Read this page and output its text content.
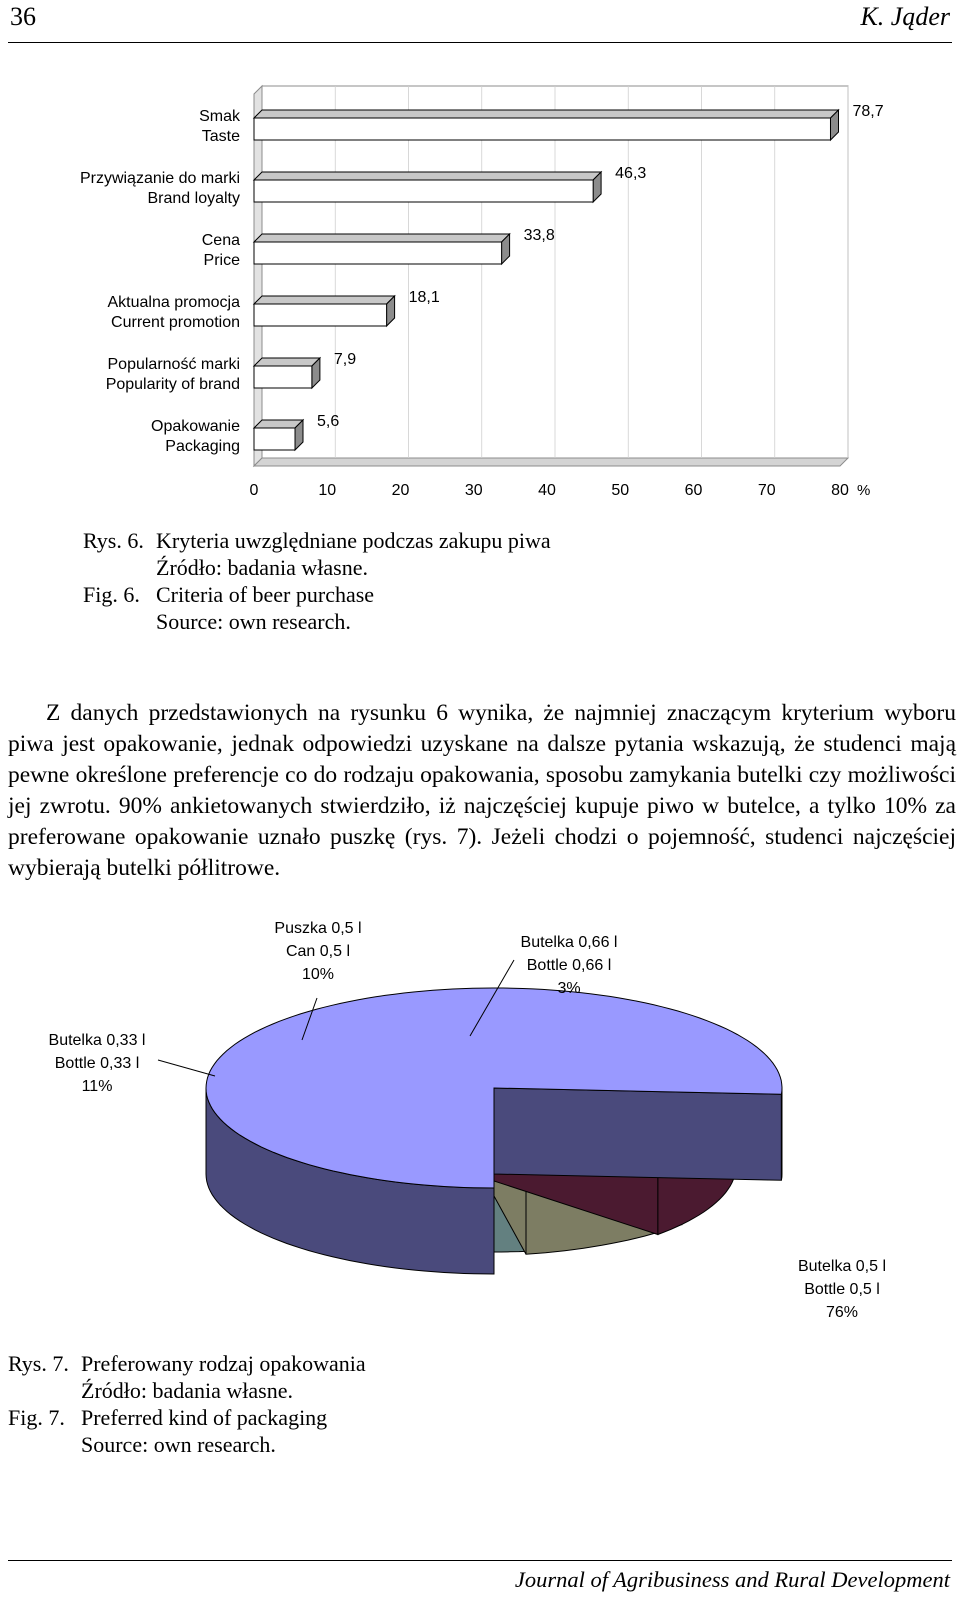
36	K. Jąder
Smak Taste
Przywiązanie do marki Brand loyalty
Cena Price
Aktualna promocja Current promotion
Popularność marki Popularity of brand
Opakowanie Packaging
78,7
46,3
33,8
18,1
7,9
5,6
0	10	20	30	40	50	60	70	80 %
Rys. 6. Kryteria uwzględniane podczas zakupu piwa
Źródło: badania własne.
Fig. 6. Criteria of beer purchase
Source: own research.

Z danych przedstawionych na rysunku 6 wynika, że najmniej znaczącym kryterium wyboru piwa jest opakowanie, jednak odpowiedzi uzyskane na dalsze pytania wskazują, że studenci mają pewne określone preferencje co do rodzaju opakowania, sposobu zamykania butelki czy możliwości jej zwrotu. 90% ankietowanych stwierdziło, iż najczęściej kupuje piwo w butelce, a tylko 10% za preferowane opakowanie uznało puszkę (rys. 7). Jeżeli chodzi o pojemność, studenci najczęściej wybierają butelki półlitrowe.

Butelka 0,5 l Bottle 0,5 l 76%
Butelka 0,33 l Bottle 0,33 l 11%
Puszka 0,5 l Can 0,5 l 10%
Butelka 0,66 l Bottle 0,66 l 3%
Rys. 7. Preferowany rodzaj opakowania
Źródło: badania własne.
Fig. 7. Preferred kind of packaging
Source: own research.
Journal of Agribusiness and Rural Development
